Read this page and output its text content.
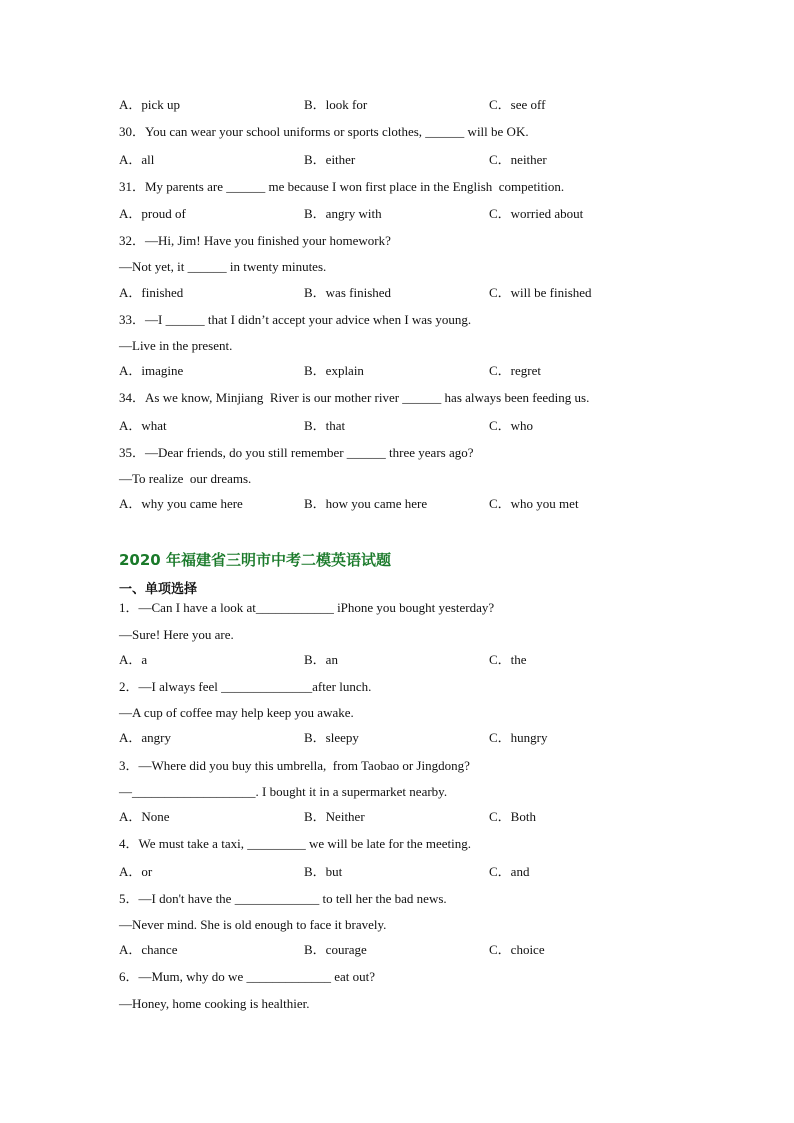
A．pick up	B．look for	C．see off
30．You can wear your school uniforms or sports clothes, ______ will be OK.
A．all	B．either	C．neither
31．My parents are ______ me because I won first place in the English  competition.
A．proud of	B．angry with	C．worried about
32．—Hi, Jim! Have you finished your homework?
—Not yet, it ______ in twenty minutes.
A．finished	B．was finished	C．will be finished
33．—I ______ that I didn’t accept your advice when I was young.
—Live in the present.
A．imagine	B．explain	C．regret
34．As we know, Minjiang  River is our mother river ______ has always been feeding us.
A．what	B．that	C．who
35．—Dear friends, do you still remember ______ three years ago?
—To realize  our dreams.
A．why you came here	B．how you came here	C．who you met
2020 年福建省三明市中考二模英语试题
一、单项选择
1．—Can I have a look at____________ iPhone you bought yesterday?
—Sure! Here you are.
A．a	B．an	C．the
2．—I always feel ______________after lunch.
—A cup of coffee may help keep you awake.
A．angry	B．sleepy	C．hungry
3．—Where did you buy this umbrella,  from Taobao or Jingdong?
—___________________. I bought it in a supermarket nearby.
A．None	B．Neither	C．Both
4．We must take a taxi, _________ we will be late for the meeting.
A．or	B．but	C．and
5．—I don't have the _____________ to tell her the bad news.
—Never mind. She is old enough to face it bravely.
A．chance	B．courage	C．choice
6．—Mum, why do we _____________ eat out?
—Honey, home cooking is healthier.
